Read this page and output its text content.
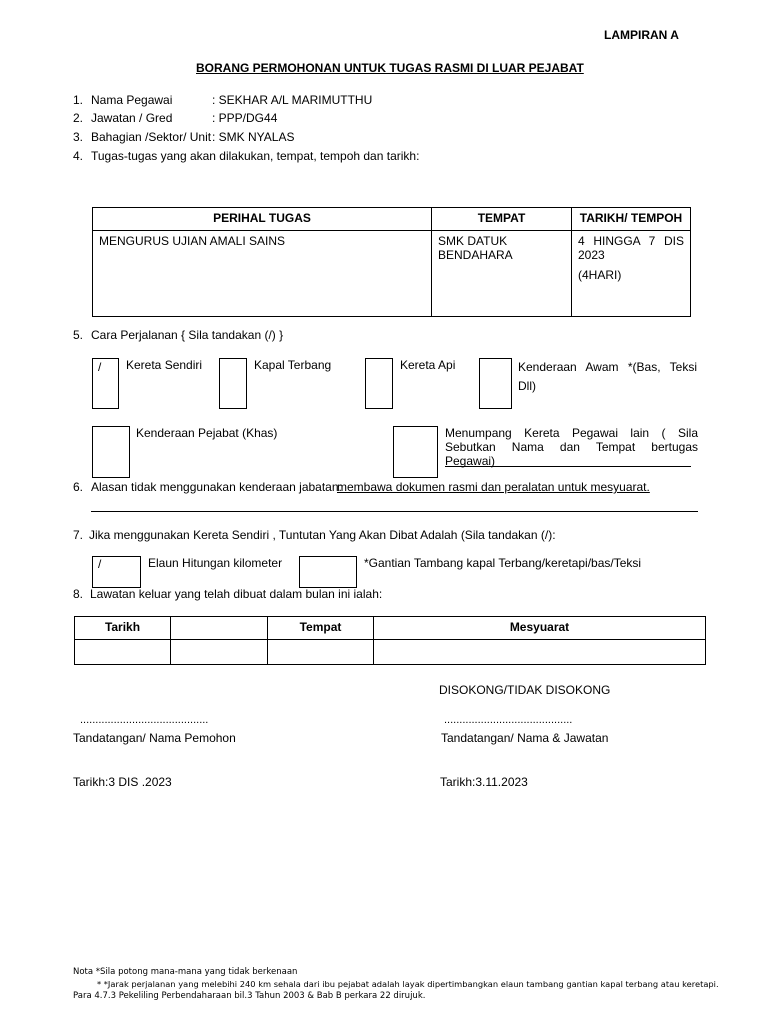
LAMPIRAN A
BORANG PERMOHONAN UNTUK TUGAS RASMI DI LUAR PEJABAT
1. Nama Pegawai	: SEKHAR A/L MARIMUTTHU
2. Jawatan / Gred	: PPP/DG44
3. Bahagian /Sektor/ Unit : SMK NYALAS
4. Tugas-tugas yang akan dilakukan, tempat, tempoh dan tarikh:
PERIHAL TUGAS	TEMPAT	TARIKH/ TEMPOH
MENGURUS UJIAN AMALI SAINS	SMK DATUK BENDAHARA	4 HINGGA 7 DIS 2023
(4HARI)
5. Cara Perjalanan { Sila tandakan (/) }
/	Kereta Sendiri	Kapal Terbang	Kereta Api	Kenderaan Awam *(Bas, Teksi Dll)
Kenderaan Pejabat (Khas)	Menumpang Kereta Pegawai lain ( Sila Sebutkan Nama dan Tempat bertugas Pegawai)
6. Alasan tidak menggunakan kenderaan jabatan:
membawa dokumen rasmi dan peralatan untuk mesyuarat.
7. Jika menggunakan Kereta Sendiri , Tuntutan Yang Akan Dibat Adalah (Sila tandakan (/):
/	Elaun Hitungan kilometer	*Gantian Tambang kapal Terbang/keretapi/bas/Teksi
8. Lawatan keluar yang telah dibuat dalam bulan ini ialah:
Tarikh		Tempat	Mesyuarat

DISOKONG/TIDAK DISOKONG
..........................................	..........................................
Tandatangan/ Nama Pemohon	Tandatangan/ Nama & Jawatan
Tarikh:3 DIS .2023	Tarikh:3.11.2023
Nota *Sila potong mana-mana yang tidak berkenaan
* *Jarak perjalanan yang melebihi 240 km sehala dari ibu pejabat adalah layak dipertimbangkan elaun tambang gantian kapal terbang atau keretapi.
Para 4.7.3 Pekeliling Perbendaharaan bil.3 Tahun 2003 & Bab B perkara 22 dirujuk.
